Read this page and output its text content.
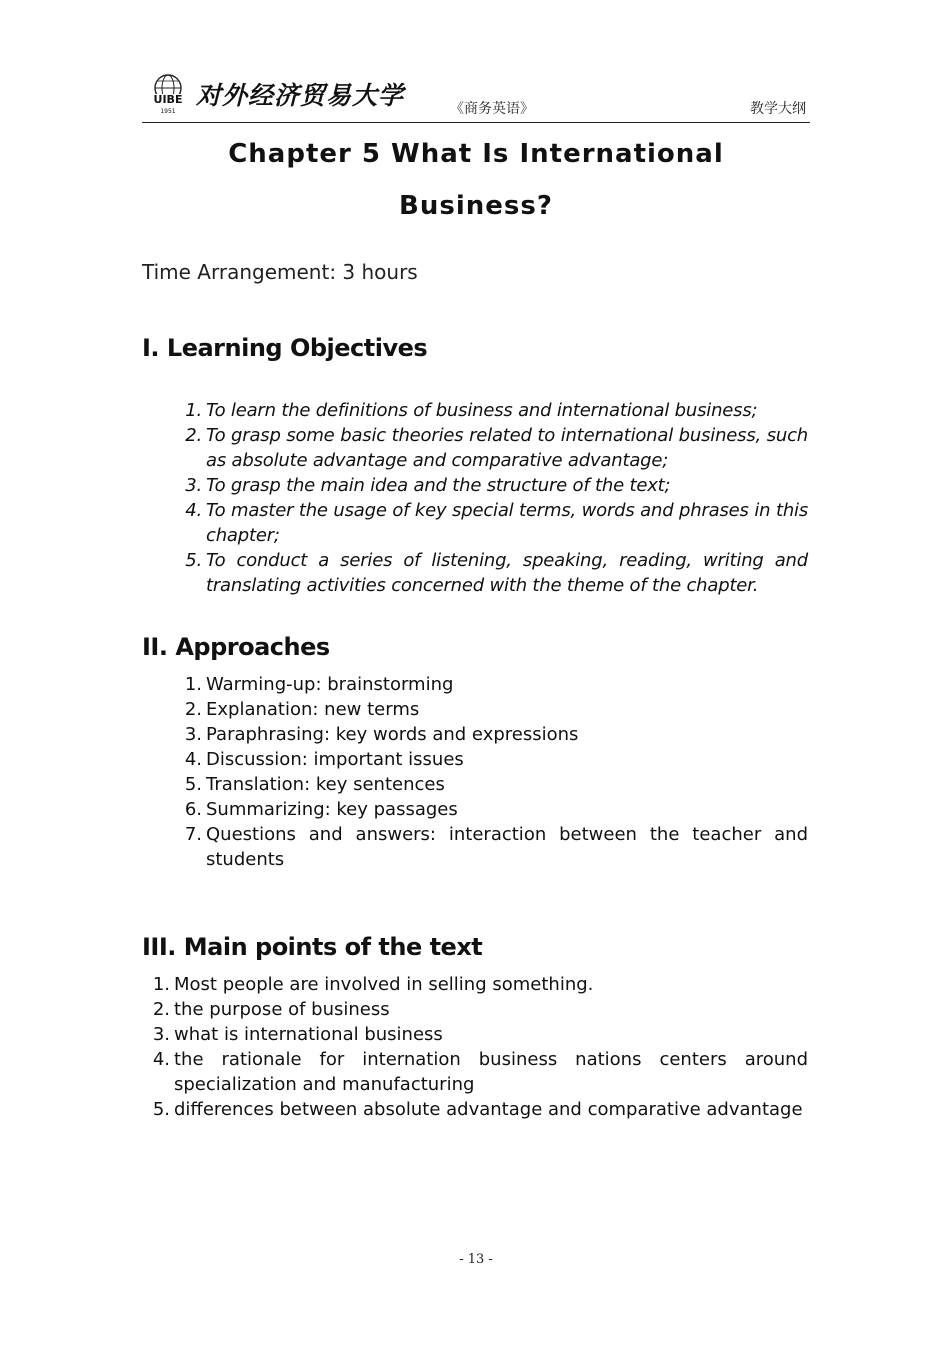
UIBE
1951
对外经济贸易大学	《商务英语》	教学大纲
Chapter 5 What Is International
Business?
Time Arrangement: 3 hours
I. Learning Objectives
1. To learn the definitions of business and international business;
2. To grasp some basic theories related to international business, such as absolute advantage and comparative advantage;
3. To grasp the main idea and the structure of the text;
4. To master the usage of key special terms, words and phrases in this chapter;
5. To conduct a series of listening, speaking, reading, writing and translating activities concerned with the theme of the chapter.
II. Approaches
1. Warming-up: brainstorming
2. Explanation: new terms
3. Paraphrasing: key words and expressions
4. Discussion: important issues
5. Translation: key sentences
6. Summarizing: key passages
7. Questions and answers: interaction between the teacher and students
III. Main points of the text
1. Most people are involved in selling something.
2. the purpose of business
3. what is international business
4. the rationale for internation business nations centers around specialization and manufacturing
5. differences between absolute advantage and comparative advantage
- 13 -
